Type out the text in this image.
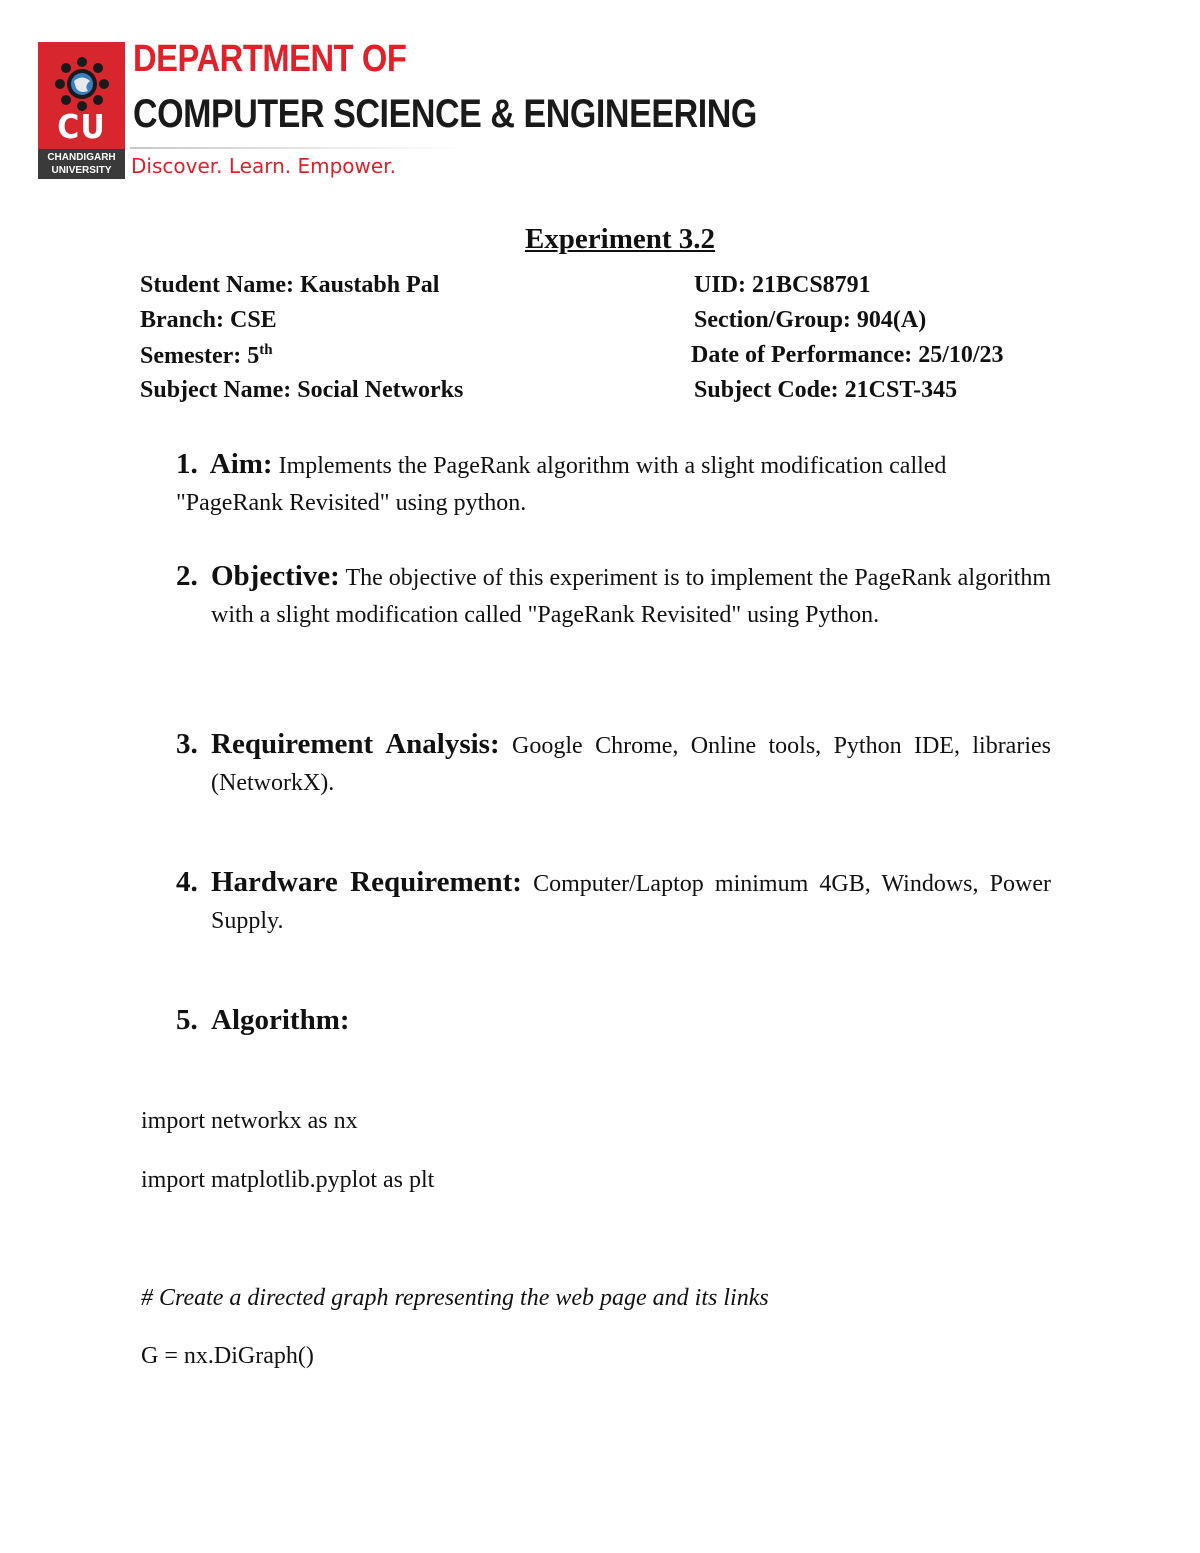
CU
CHANDIGARH
UNIVERSITY
DEPARTMENT OF
COMPUTER SCIENCE & ENGINEERING
Discover. Learn. Empower.
Experiment 3.2
Student Name: Kaustabh Pal	UID: 21BCS8791
Branch: CSE	Section/Group: 904(A)
Semester: 5th	Date of Performance: 25/10/23
Subject Name: Social Networks	Subject Code: 21CST-345
1. Aim: Implements the PageRank algorithm with a slight modification called
"PageRank Revisited" using python.
2. Objective: The objective of this experiment is to implement the PageRank algorithm with a slight modification called "PageRank Revisited" using Python.
3. Requirement Analysis: Google Chrome, Online tools, Python IDE, libraries (NetworkX).
4. Hardware Requirement: Computer/Laptop minimum 4GB, Windows, Power Supply.
5. Algorithm:
import networkx as nx
import matplotlib.pyplot as plt
# Create a directed graph representing the web page and its links
G = nx.DiGraph()
